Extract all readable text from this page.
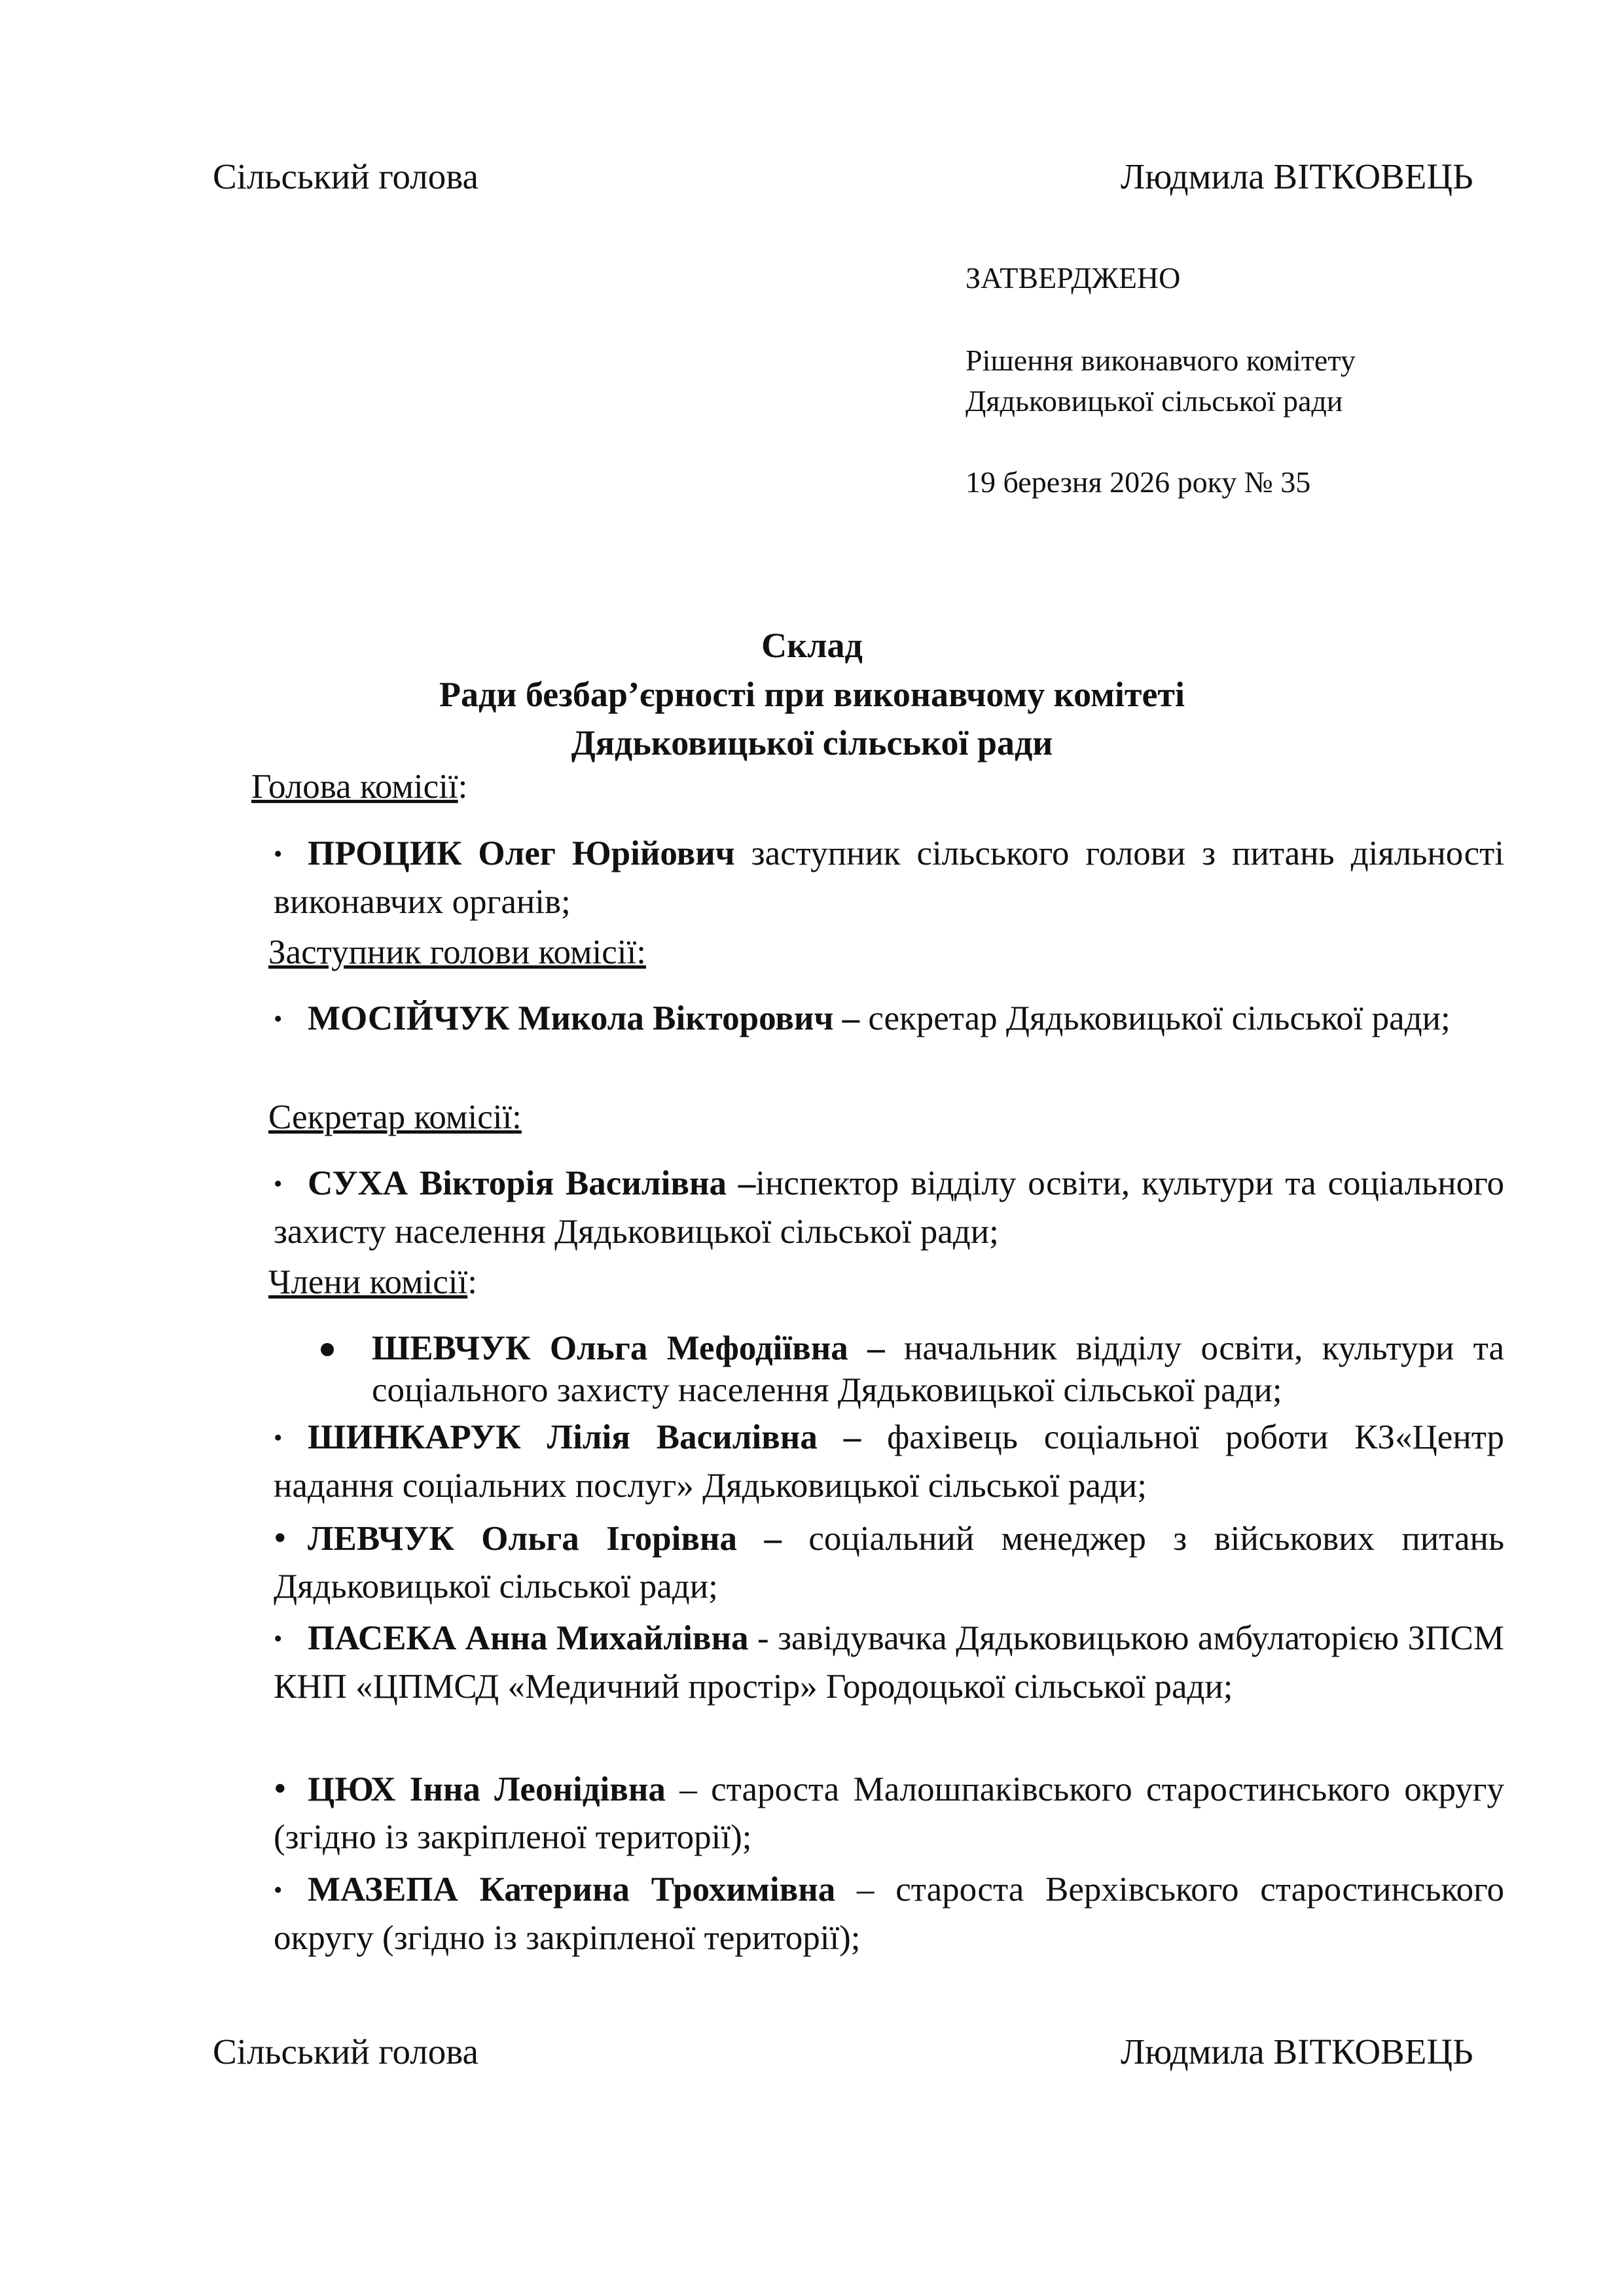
Сільський голова	Людмила ВІТКОВЕЦЬ
ЗАТВЕРДЖЕНО
Рішення виконавчого комітету
Дядьковицької сільської ради
19 березня 2026 року № 35
Склад
Ради безбар’єрності при виконавчому комітеті
Дядьковицької сільської ради
Голова комісії:
• ПРОЦИК Олег Юрійович заступник сільського голови з питань діяльності виконавчих органів;
Заступник голови комісії:
• МОСІЙЧУК Микола Вікторович – секретар Дядьковицької сільської ради;
Секретар комісії:
• СУХА Вікторія Василівна –інспектор відділу освіти, культури та соціального захисту населення Дядьковицької сільської ради;
Члени комісії:
ШЕВЧУК Ольга Мефодіївна – начальник відділу освіти, культури та соціального захисту населення Дядьковицької сільської ради;
• ШИНКАРУК Лілія Василівна – фахівець соціальної роботи КЗ«Центр надання соціальних послуг» Дядьковицької сільської ради;
• ЛЕВЧУК Ольга Ігорівна – соціальний менеджер з військових питань Дядьковицької сільської ради;
• ПАСЕКА Анна Михайлівна - завідувачка Дядьковицькою амбулаторією ЗПСМ КНП «ЦПМСД «Медичний простір» Городоцької сільської ради;
• ЦЮХ Інна Леонідівна – староста Малошпаківського старостинського округу (згідно із закріпленої території);
• МАЗЕПА Катерина Трохимівна – староста Верхівського старостинського округу (згідно із закріпленої території);
Сільський голова	Людмила ВІТКОВЕЦЬ
